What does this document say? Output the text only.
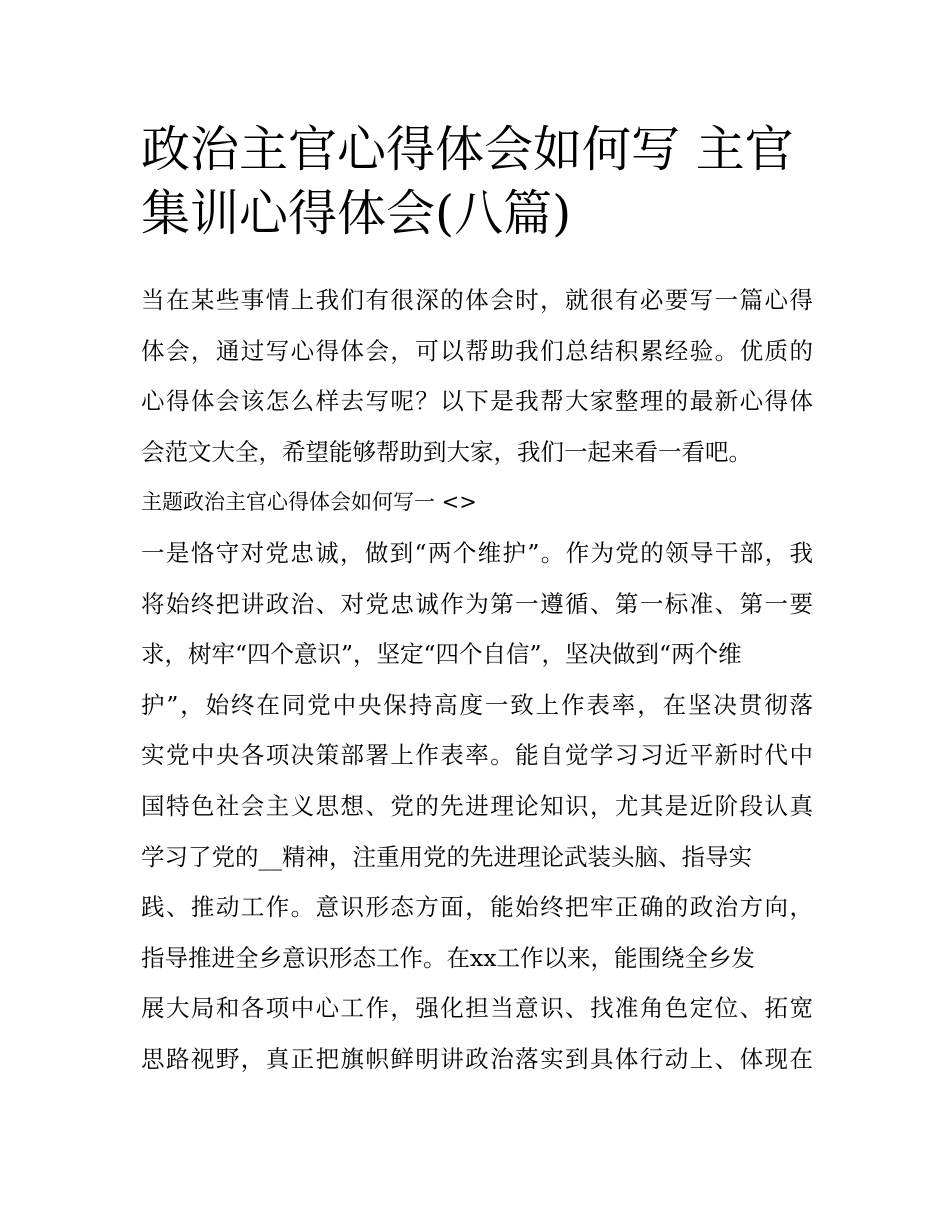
政治主官心得体会如何写 主官
集训心得体会(八篇)
当在某些事情上我们有很深的体会时，就很有必要写一篇心得
体会，通过写心得体会，可以帮助我们总结积累经验。优质的
心得体会该怎么样去写呢？以下是我帮大家整理的最新心得体
会范文大全，希望能够帮助到大家，我们一起来看一看吧。
主题政治主官心得体会如何写一 <>
一是恪守对党忠诚，做到“两个维护”。作为党的领导干部，我
将始终把讲政治、对党忠诚作为第一遵循、第一标准、第一要
求，树牢“四个意识”，坚定“四个自信”，坚决做到“两个维
护”，始终在同党中央保持高度一致上作表率，在坚决贯彻落
实党中央各项决策部署上作表率。能自觉学习习近平新时代中
国特色社会主义思想、党的先进理论知识，尤其是近阶段认真
学习了党的__精神，注重用党的先进理论武装头脑、指导实
践、推动工作。意识形态方面，能始终把牢正确的政治方向，
指导推进全乡意识形态工作。在xx工作以来，能围绕全乡发
展大局和各项中心工作，强化担当意识、找准角色定位、拓宽
思路视野，真正把旗帜鲜明讲政治落实到具体行动上、体现在
